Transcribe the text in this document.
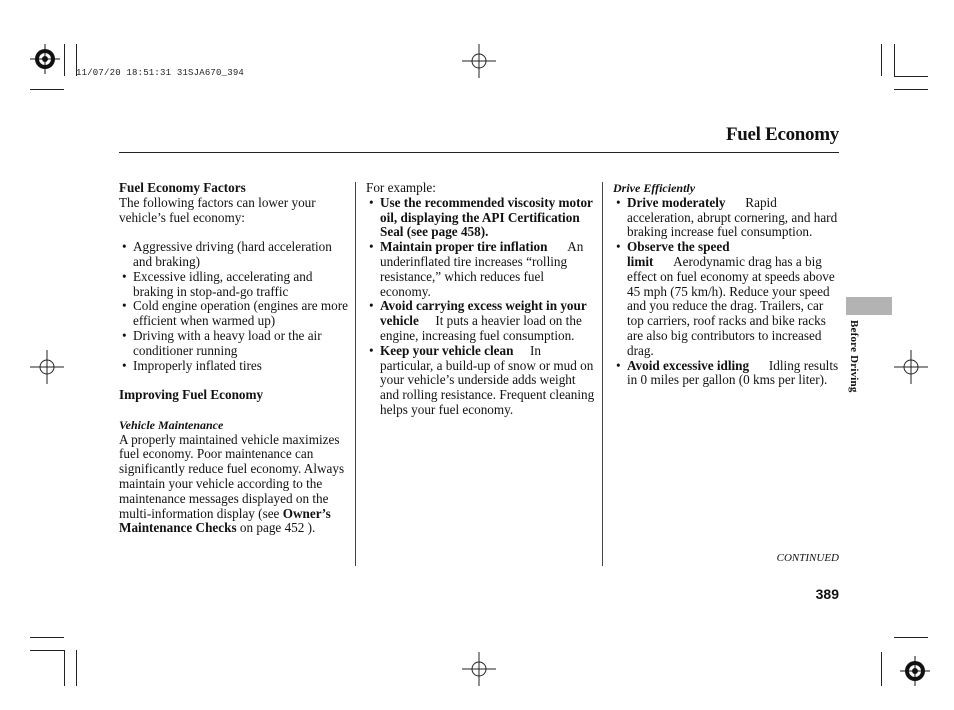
11/07/20 18:51:31 31SJA670_394
Fuel Economy

Fuel Economy Factors

The following factors can lower your vehicle’s fuel economy:

• Aggressive driving (hard acceleration and braking)

• Excessive idling, accelerating and braking in stop-and-go traffic

• Cold engine operation (engines are more efficient when warmed up)

• Driving with a heavy load or the air conditioner running

• Improperly inflated tires

Improving Fuel Economy

Vehicle Maintenance

A properly maintained vehicle maximizes fuel economy. Poor maintenance can significantly reduce fuel economy. Always maintain your vehicle according to the maintenance messages displayed on the multi-information display (see Owner’s Maintenance Checks on page 452 ).

For example:

• Use the recommended viscosity motor oil, displaying the API Certification Seal (see page 458).

• Maintain proper tire inflation An underinflated tire increases “rolling resistance,” which reduces fuel economy.

• Avoid carrying excess weight in your vehicle It puts a heavier load on the engine, increasing fuel consumption.

• Keep your vehicle clean In particular, a build-up of snow or mud on your vehicle’s underside adds weight and rolling resistance. Frequent cleaning helps your fuel economy.

Drive Efficiently

• Drive moderately Rapid acceleration, abrupt cornering, and hard braking increase fuel consumption.

• Observe the speed limit Aerodynamic drag has a big effect on fuel economy at speeds above 45 mph (75 km/h). Reduce your speed and you reduce the drag. Trailers, car top carriers, roof racks and bike racks are also big contributors to increased drag.

• Avoid excessive idling Idling results in 0 miles per gallon (0 kms per liter).	Before Driving
CONTINUED
389
